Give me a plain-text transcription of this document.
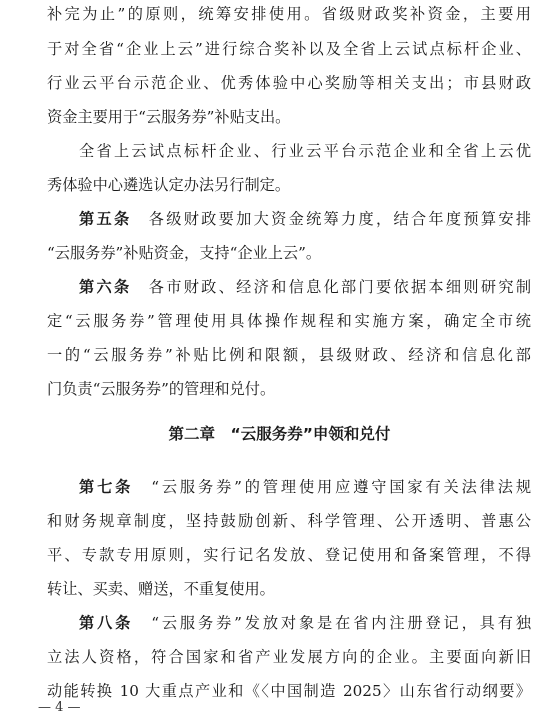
补完为止”的原则，统筹安排使用。省级财政奖补资金，主要用
于对全省“企业上云”进行综合奖补以及全省上云试点标杆企业、
行业云平台示范企业、优秀体验中心奖励等相关支出；市县财政
资金主要用于“云服务券”补贴支出。
全省上云试点标杆企业、行业云平台示范企业和全省上云优
秀体验中心遴选认定办法另行制定。
第五条 各级财政要加大资金统筹力度，结合年度预算安排
“云服务券”补贴资金，支持“企业上云”。
第六条 各市财政、经济和信息化部门要依据本细则研究制
定“云服务券”管理使用具体操作规程和实施方案，确定全市统
一的“云服务券”补贴比例和限额，县级财政、经济和信息化部
门负责“云服务券”的管理和兑付。
第二章　“云服务券”申领和兑付
第七条 “云服务券”的管理使用应遵守国家有关法律法规
和财务规章制度，坚持鼓励创新、科学管理、公开透明、普惠公
平、专款专用原则，实行记名发放、登记使用和备案管理，不得
转让、买卖、赠送，不重复使用。
第八条 “云服务券”发放对象是在省内注册登记，具有独
立法人资格，符合国家和省产业发展方向的企业。主要面向新旧
动能转换 10 大重点产业和《〈中国制造 2025〉山东省行动纲要》
— 4 —
